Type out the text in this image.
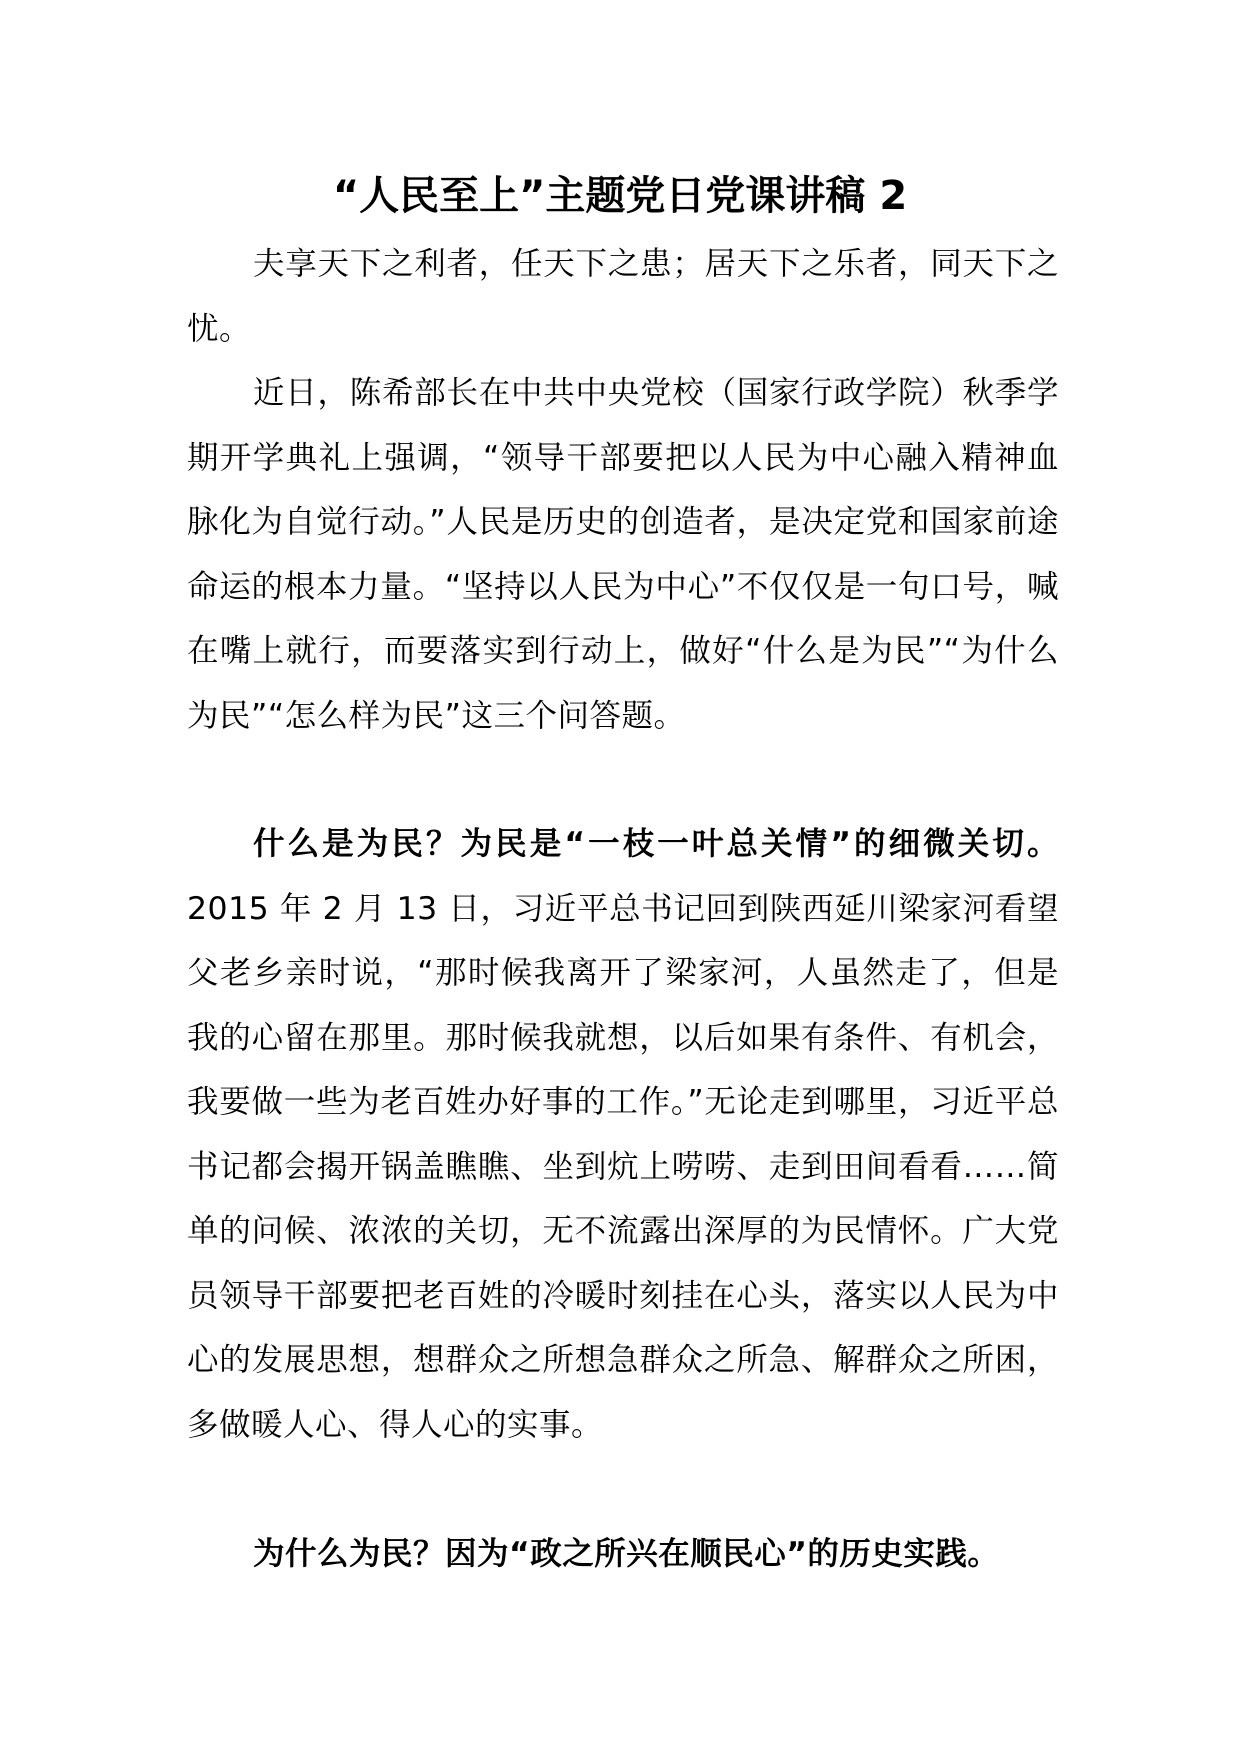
“人民至上”主题党日党课讲稿 2

夫享天下之利者，任天下之患；居天下之乐者，同天下之忧。

近日，陈希部长在中共中央党校（国家行政学院）秋季学期开学典礼上强调，“领导干部要把以人民为中心融入精神血脉化为自觉行动。”人民是历史的创造者，是决定党和国家前途命运的根本力量。“坚持以人民为中心”不仅仅是一句口号，喊在嘴上就行，而要落实到行动上，做好“什么是为民”“为什么为民”“怎么样为民”这三个问答题。

什么是为民？为民是“一枝一叶总关情”的细微关切。2015 年 2 月 13 日，习近平总书记回到陕西延川梁家河看望父老乡亲时说，“那时候我离开了梁家河，人虽然走了，但是我的心留在那里。那时候我就想，以后如果有条件、有机会，我要做一些为老百姓办好事的工作。”无论走到哪里，习近平总书记都会揭开锅盖瞧瞧、坐到炕上唠唠、走到田间看看……简单的问候、浓浓的关切，无不流露出深厚的为民情怀。广大党员领导干部要把老百姓的冷暖时刻挂在心头，落实以人民为中心的发展思想，想群众之所想急群众之所急、解群众之所困，多做暖人心、得人心的实事。

为什么为民？因为“政之所兴在顺民心”的历史实践。
